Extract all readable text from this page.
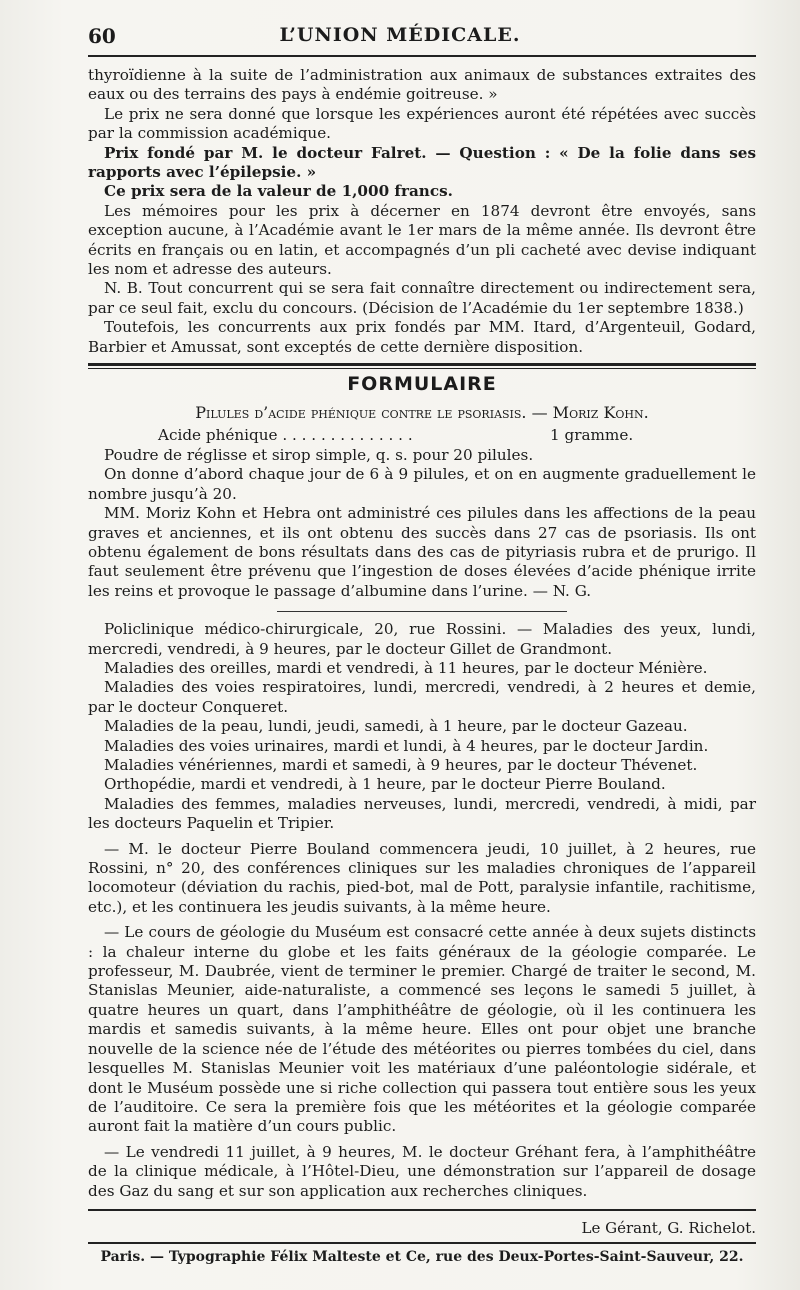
60	L’UNION MÉDICALE.

thyroïdienne à la suite de l’administration aux animaux de substances extraites des eaux ou des terrains des pays à endémie goitreuse. »

Le prix ne sera donné que lorsque les expériences auront été répétées avec succès par la commission académique.

Prix fondé par M. le docteur Falret. — Question : « De la folie dans ses rapports avec l’épilepsie. »

Ce prix sera de la valeur de 1,000 francs.

Les mémoires pour les prix à décerner en 1874 devront être envoyés, sans exception aucune, à l’Académie avant le 1er mars de la même année. Ils devront être écrits en français ou en latin, et accompagnés d’un pli cacheté avec devise indiquant les nom et adresse des auteurs.

N. B. Tout concurrent qui se sera fait connaître directement ou indirectement sera, par ce seul fait, exclu du concours. (Décision de l’Académie du 1er septembre 1838.)

Toutefois, les concurrents aux prix fondés par MM. Itard, d’Argenteuil, Godard, Barbier et Amussat, sont exceptés de cette dernière disposition.

FORMULAIRE
Pilules d’acide phénique contre le psoriasis. — Moriz Kohn.
Acide phénique . . . . . . . . . . . . . .	1 gramme.

Poudre de réglisse et sirop simple, q. s. pour 20 pilules.

On donne d’abord chaque jour de 6 à 9 pilules, et on en augmente graduellement le nombre jusqu’à 20.

MM. Moriz Kohn et Hebra ont administré ces pilules dans les affections de la peau graves et anciennes, et ils ont obtenu des succès dans 27 cas de psoriasis. Ils ont obtenu également de bons résultats dans des cas de pityriasis rubra et de prurigo. Il faut seulement être prévenu que l’ingestion de doses élevées d’acide phénique irrite les reins et provoque le passage d’albumine dans l’urine. — N. G.

Policlinique médico-chirurgicale, 20, rue Rossini. — Maladies des yeux, lundi, mercredi, vendredi, à 9 heures, par le docteur Gillet de Grandmont.

Maladies des oreilles, mardi et vendredi, à 11 heures, par le docteur Ménière.

Maladies des voies respiratoires, lundi, mercredi, vendredi, à 2 heures et demie, par le docteur Conqueret.

Maladies de la peau, lundi, jeudi, samedi, à 1 heure, par le docteur Gazeau.

Maladies des voies urinaires, mardi et lundi, à 4 heures, par le docteur Jardin.

Maladies vénériennes, mardi et samedi, à 9 heures, par le docteur Thévenet.

Orthopédie, mardi et vendredi, à 1 heure, par le docteur Pierre Bouland.

Maladies des femmes, maladies nerveuses, lundi, mercredi, vendredi, à midi, par les docteurs Paquelin et Tripier.

— M. le docteur Pierre Bouland commencera jeudi, 10 juillet, à 2 heures, rue Rossini, n° 20, des conférences cliniques sur les maladies chroniques de l’appareil locomoteur (déviation du rachis, pied-bot, mal de Pott, paralysie infantile, rachitisme, etc.), et les continuera les jeudis suivants, à la même heure.

— Le cours de géologie du Muséum est consacré cette année à deux sujets distincts : la chaleur interne du globe et les faits généraux de la géologie comparée. Le professeur, M. Daubrée, vient de terminer le premier. Chargé de traiter le second, M. Stanislas Meunier, aide-naturaliste, a commencé ses leçons le samedi 5 juillet, à quatre heures un quart, dans l’amphithéâtre de géologie, où il les continuera les mardis et samedis suivants, à la même heure. Elles ont pour objet une branche nouvelle de la science née de l’étude des météorites ou pierres tombées du ciel, dans lesquelles M. Stanislas Meunier voit les matériaux d’une paléontologie sidérale, et dont le Muséum possède une si riche collection qui passera tout entière sous les yeux de l’auditoire. Ce sera la première fois que les météorites et la géologie comparée auront fait la matière d’un cours public.

— Le vendredi 11 juillet, à 9 heures, M. le docteur Gréhant fera, à l’amphithéâtre de la clinique médicale, à l’Hôtel-Dieu, une démonstration sur l’appareil de dosage des Gaz du sang et sur son application aux recherches cliniques.

Le Gérant, G. Richelot.
Paris. — Typographie Félix Malteste et Ce, rue des Deux-Portes-Saint-Sauveur, 22.
